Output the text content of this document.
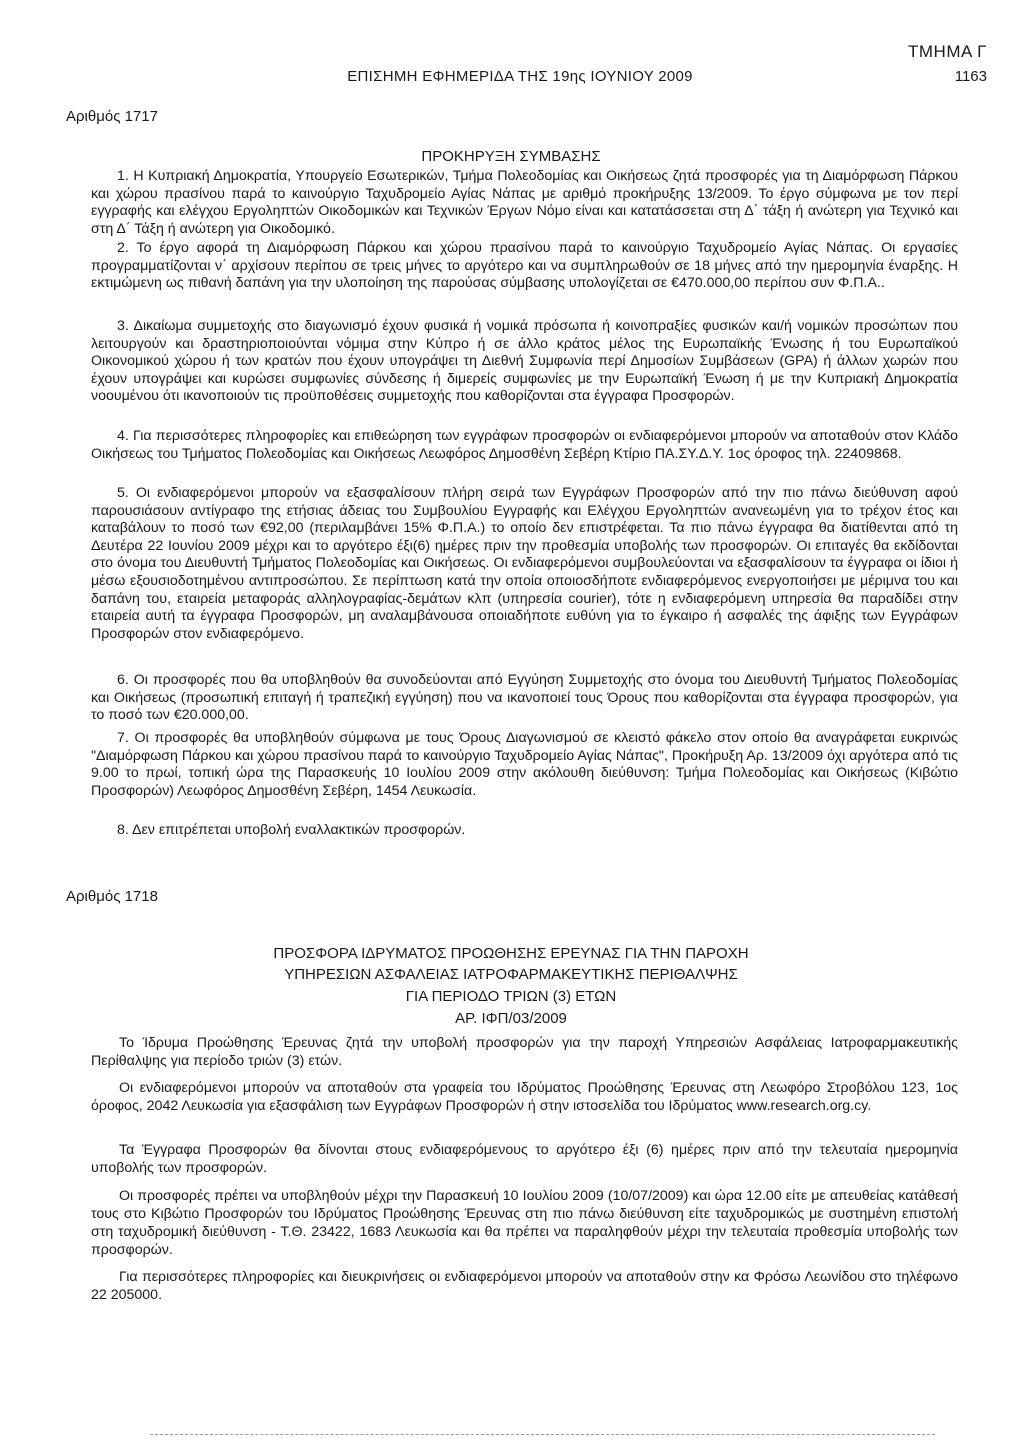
ΤΜΗΜΑ Γ
ΕΠΙΣΗΜΗ ΕΦΗΜΕΡΙΔΑ ΤΗΣ 19ης ΙΟΥΝΙΟΥ 2009	1163
Αριθμός 1717
ΠΡΟΚΗΡΥΞΗ ΣΥΜΒΑΣΗΣ
1. Η Κυπριακή Δημοκρατία, Υπουργείο Εσωτερικών, Τμήμα Πολεοδομίας και Οικήσεως ζητά προσφορές για τη Διαμόρφωση Πάρκου και χώρου πρασίνου παρά το καινούργιο Ταχυδρομείο Αγίας Νάπας με αριθμό προκήρυξης 13/2009. Το έργο σύμφωνα με τον περί εγγραφής και ελέγχου Εργοληπτών Οικοδομικών και Τεχνικών Έργων Νόμο είναι και κατατάσσεται στη Δ΄ τάξη ή ανώτερη για Τεχνικό και στη Δ΄ Τάξη ή ανώτερη για Οικοδομικό.
2. Το έργο αφορά τη Διαμόρφωση Πάρκου και χώρου πρασίνου παρά το καινούργιο Ταχυδρομείο Αγίας Νάπας. Οι εργασίες προγραμματίζονται ν΄ αρχίσουν περίπου σε τρεις μήνες το αργότερο και να συμπληρωθούν σε 18 μήνες από την ημερομηνία έναρξης. Η εκτιμώμενη ως πιθανή δαπάνη για την υλοποίηση της παρούσας σύμβασης υπολογίζεται σε €470.000,00 περίπου συν Φ.Π.Α..
3. Δικαίωμα συμμετοχής στο διαγωνισμό έχουν φυσικά ή νομικά πρόσωπα ή κοινοπραξίες φυσικών και/ή νομικών προσώπων που λειτουργούν και δραστηριοποιούνται νόμιμα στην Κύπρο ή σε άλλο κράτος μέλος της Ευρωπαϊκής Ένωσης ή του Ευρωπαϊκού Οικονομικού χώρου ή των κρατών που έχουν υπογράψει τη Διεθνή Συμφωνία περί Δημοσίων Συμβάσεων (GPA) ή άλλων χωρών που έχουν υπογράψει και κυρώσει συμφωνίες σύνδεσης ή διμερείς συμφωνίες με την Ευρωπαϊκή Ένωση ή με την Κυπριακή Δημοκρατία νοουμένου ότι ικανοποιούν τις προϋποθέσεις συμμετοχής που καθορίζονται στα έγγραφα Προσφορών.
4. Για περισσότερες πληροφορίες και επιθεώρηση των εγγράφων προσφορών οι ενδιαφερόμενοι μπορούν να αποταθούν στον Κλάδο Οικήσεως του Τμήματος Πολεοδομίας και Οικήσεως Λεωφόρος Δημοσθένη Σεβέρη Κτίριο ΠΑ.ΣΥ.Δ.Υ. 1ος όροφος τηλ. 22409868.
5. Οι ενδιαφερόμενοι μπορούν να εξασφαλίσουν πλήρη σειρά των Εγγράφων Προσφορών από την πιο πάνω διεύθυνση αφού παρουσιάσουν αντίγραφο της ετήσιας άδειας του Συμβουλίου Εγγραφής και Ελέγχου Εργοληπτών ανανεωμένη για το τρέχον έτος και καταβάλουν το ποσό των €92,00 (περιλαμβάνει 15% Φ.Π.Α.) το οποίο δεν επιστρέφεται. Τα πιο πάνω έγγραφα θα διατίθενται από τη Δευτέρα 22 Ιουνίου 2009 μέχρι και το αργότερο έξι(6) ημέρες πριν την προθεσμία υποβολής των προσφορών. Οι επιταγές θα εκδίδονται στο όνομα του Διευθυντή Τμήματος Πολεοδομίας και Οικήσεως. Οι ενδιαφερόμενοι συμβουλεύονται να εξασφαλίσουν τα έγγραφα οι ίδιοι ή μέσω εξουσιοδοτημένου αντιπροσώπου. Σε περίπτωση κατά την οποία οποιοσδήποτε ενδιαφερόμενος ενεργοποιήσει με μέριμνα του και δαπάνη του, εταιρεία μεταφοράς αλληλογραφίας-δεμάτων κλπ (υπηρεσία courier), τότε η ενδιαφερόμενη υπηρεσία θα παραδίδει στην εταιρεία αυτή τα έγγραφα Προσφορών, μη αναλαμβάνουσα οποιαδήποτε ευθύνη για το έγκαιρο ή ασφαλές της άφιξης των Εγγράφων Προσφορών στον ενδιαφερόμενο.
6. Οι προσφορές που θα υποβληθούν θα συνοδεύονται από Εγγύηση Συμμετοχής στο όνομα του Διευθυντή Τμήματος Πολεοδομίας και Οικήσεως (προσωπική επιταγή ή τραπεζική εγγύηση) που να ικανοποιεί τους Όρους που καθορίζονται στα έγγραφα προσφορών, για το ποσό των €20.000,00.
7. Οι προσφορές θα υποβληθούν σύμφωνα με τους Όρους Διαγωνισμού σε κλειστό φάκελο στον οποίο θα αναγράφεται ευκρινώς "Διαμόρφωση Πάρκου και χώρου πρασίνου παρά το καινούργιο Ταχυδρομείο Αγίας Νάπας", Προκήρυξη Αρ. 13/2009 όχι αργότερα από τις 9.00 το πρωί, τοπική ώρα της Παρασκευής 10 Ιουλίου 2009 στην ακόλουθη διεύθυνση: Τμήμα Πολεοδομίας και Οικήσεως (Κιβώτιο Προσφορών) Λεωφόρος Δημοσθένη Σεβέρη, 1454 Λευκωσία.
8. Δεν επιτρέπεται υποβολή εναλλακτικών προσφορών.
Αριθμός 1718
ΠΡΟΣΦΟΡΑ ΙΔΡΥΜΑΤΟΣ ΠΡΟΩΘΗΣΗΣ ΕΡΕΥΝΑΣ ΓΙΑ ΤΗΝ ΠΑΡΟΧΗ
ΥΠΗΡΕΣΙΩΝ ΑΣΦΑΛΕΙΑΣ ΙΑΤΡΟΦΑΡΜΑΚΕΥΤΙΚΗΣ ΠΕΡΙΘΑΛΨΗΣ
ΓΙΑ ΠΕΡΙΟΔΟ ΤΡΙΩΝ (3) ΕΤΩΝ
ΑΡ. ΙΦΠ/03/2009
Το Ίδρυμα Προώθησης Έρευνας ζητά την υποβολή προσφορών για την παροχή Υπηρεσιών Ασφάλειας Ιατροφαρμακευτικής Περίθαλψης για περίοδο τριών (3) ετών.
Οι ενδιαφερόμενοι μπορούν να αποταθούν στα γραφεία του Ιδρύματος Προώθησης Έρευνας στη Λεωφόρο Στροβόλου 123, 1ος όροφος, 2042 Λευκωσία για εξασφάλιση των Εγγράφων Προσφορών ή στην ιστοσελίδα του Ιδρύματος www.research.org.cy.
Τα Έγγραφα Προσφορών θα δίνονται στους ενδιαφερόμενους το αργότερο έξι (6) ημέρες πριν από την τελευταία ημερομηνία υποβολής των προσφορών.
Οι προσφορές πρέπει να υποβληθούν μέχρι την Παρασκευή 10 Ιουλίου 2009 (10/07/2009) και ώρα 12.00 είτε με απευθείας κατάθεσή τους στο Κιβώτιο Προσφορών του Ιδρύματος Προώθησης Έρευνας στη πιο πάνω διεύθυνση είτε ταχυδρομικώς με συστημένη επιστολή στη ταχυδρομική διεύθυνση - Τ.Θ. 23422, 1683 Λευκωσία και θα πρέπει να παραληφθούν μέχρι την τελευταία προθεσμία υποβολής των προσφορών.
Για περισσότερες πληροφορίες και διευκρινήσεις οι ενδιαφερόμενοι μπορούν να αποταθούν στην κα Φρόσω Λεωνίδου στο τηλέφωνο 22 205000.
